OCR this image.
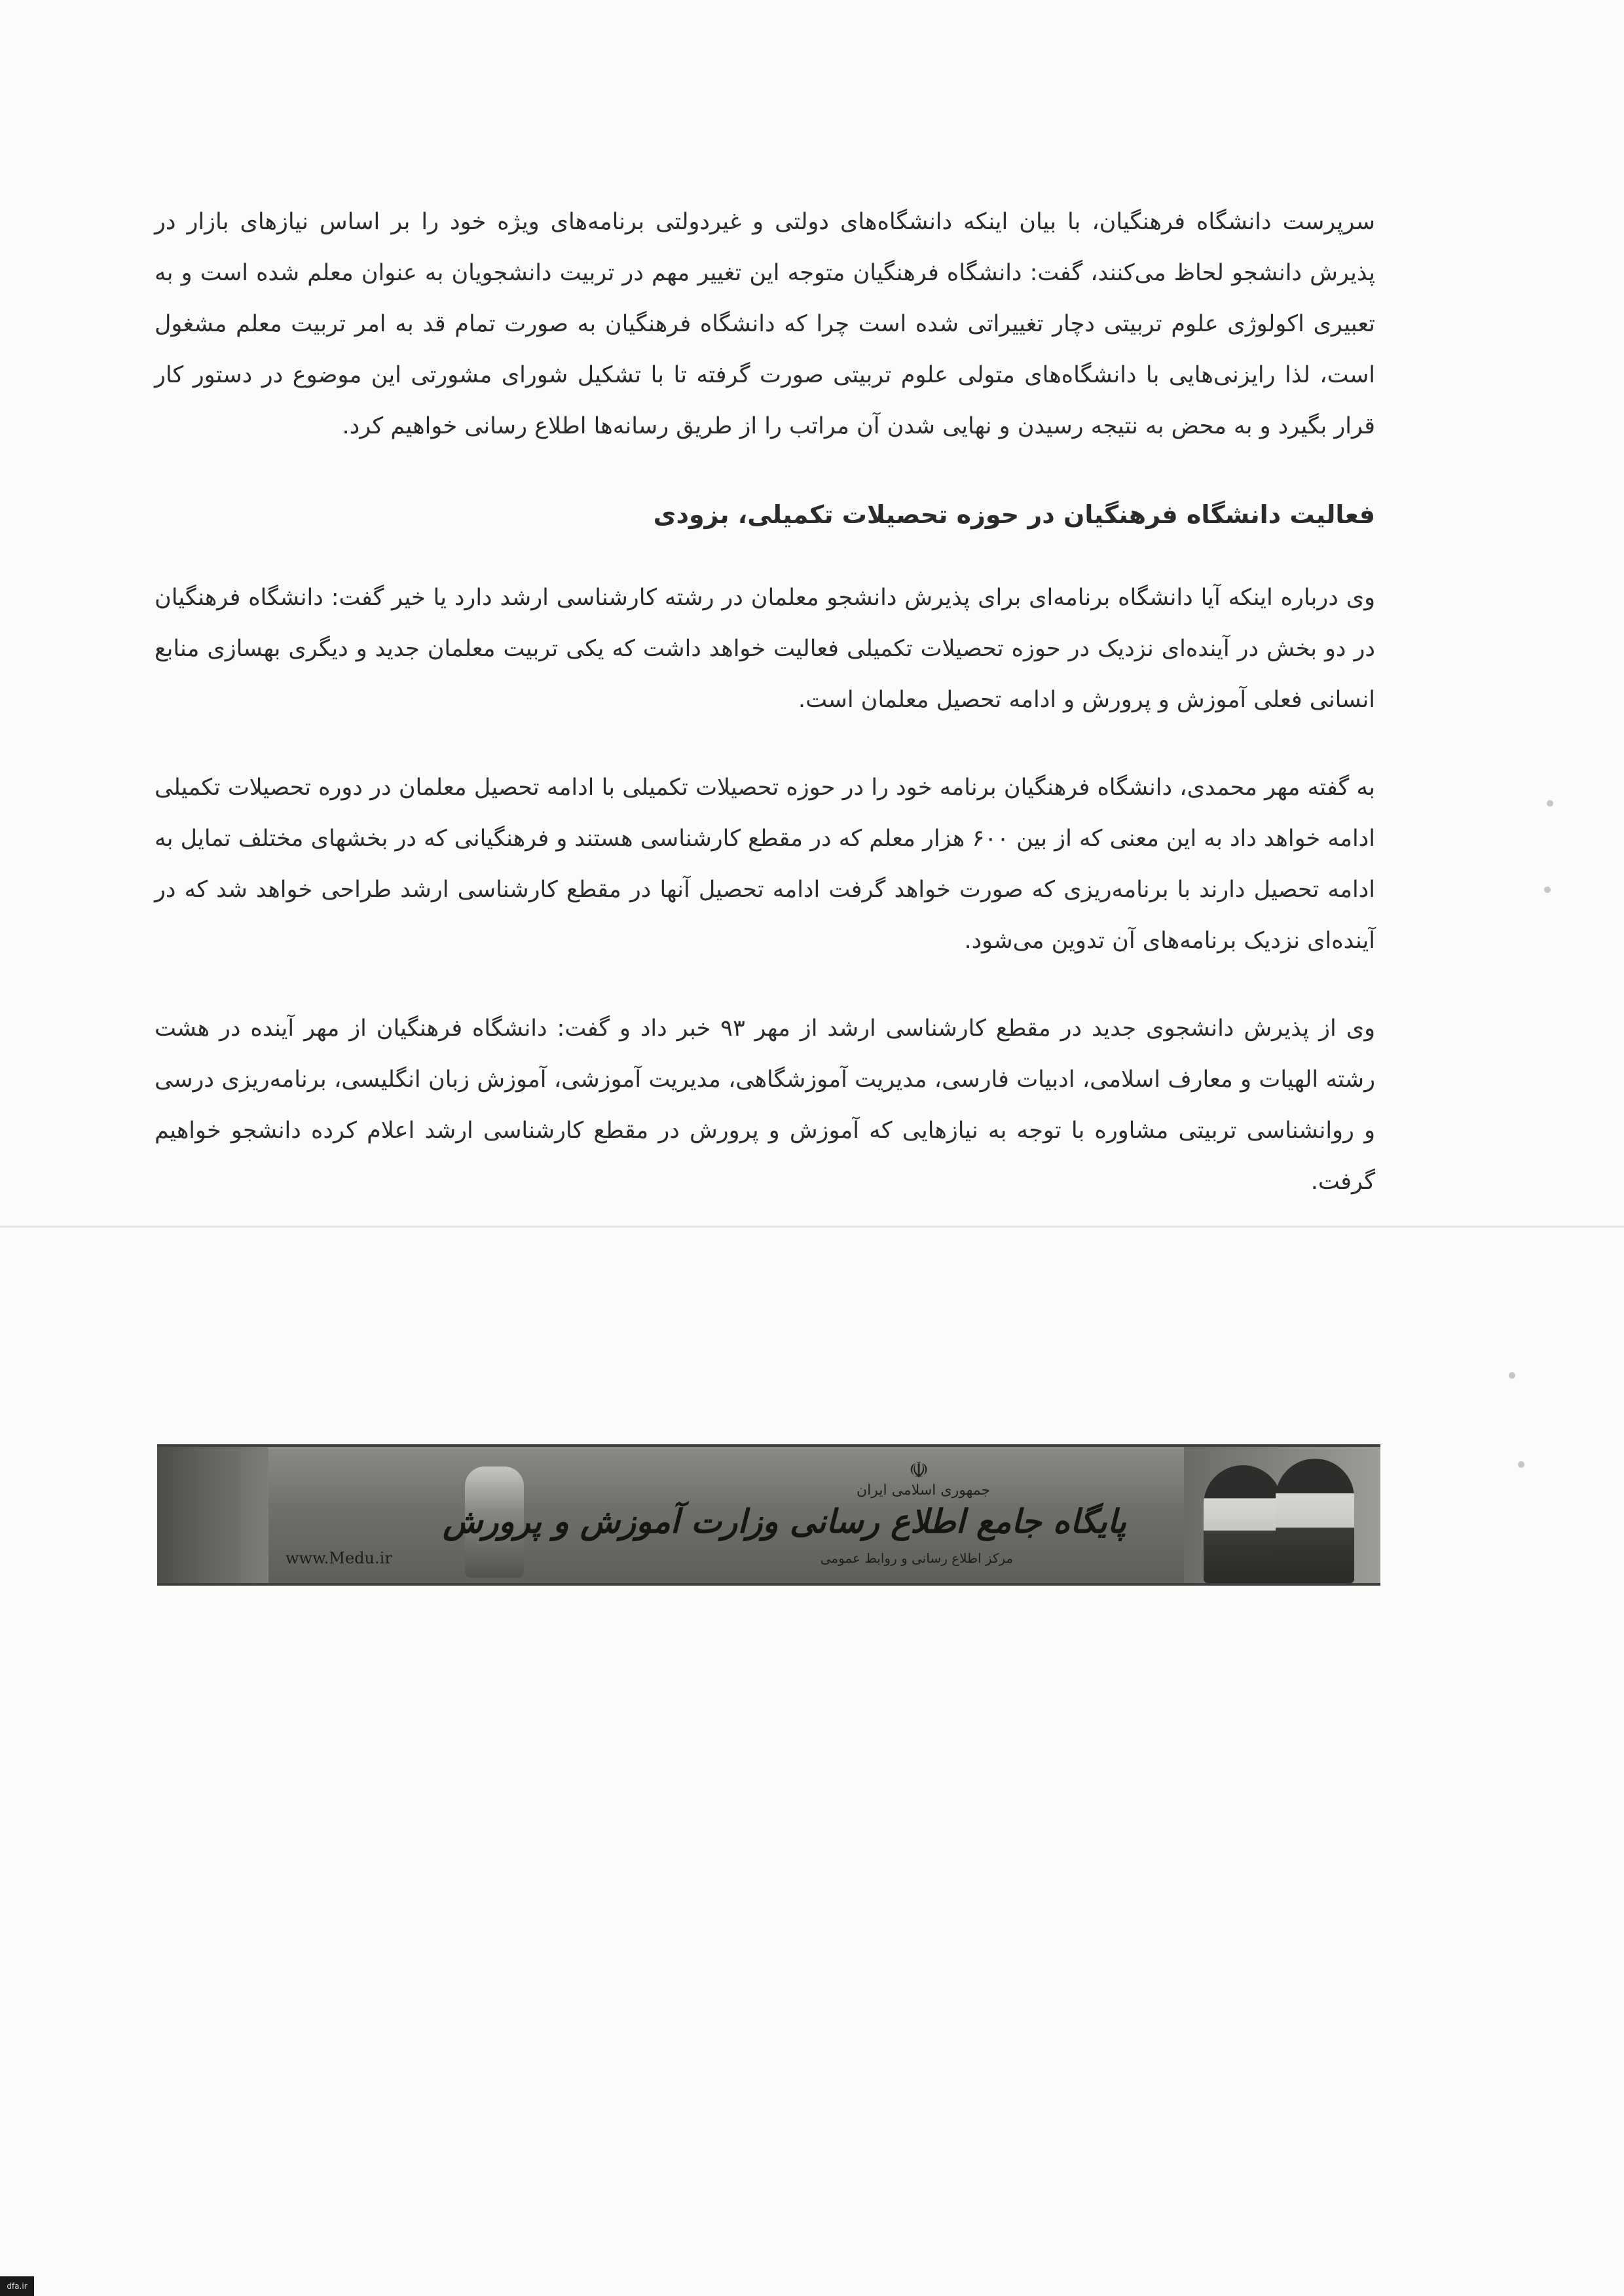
سرپرست دانشگاه فرهنگیان، با بیان اینکه دانشگاه‌های دولتی و غیردولتی برنامه‌های ویژه خود را بر اساس نیازهای بازار در پذیرش دانشجو لحاظ می‌کنند، گفت: دانشگاه فرهنگیان متوجه این تغییر مهم در تربیت دانشجویان به عنوان معلم شده است و به تعبیری اکولوژی علوم تربیتی دچار تغییراتی شده است چرا که دانشگاه فرهنگیان به صورت تمام قد به امر تربیت معلم مشغول است، لذا رایزنی‌هایی با دانشگاه‌های متولی علوم تربیتی صورت گرفته تا با تشکیل شورای مشورتی این موضوع در دستور کار قرار بگیرد و به محض به نتیجه رسیدن و نهایی شدن آن مراتب را از طریق رسانه‌ها اطلاع رسانی خواهیم کرد.

فعالیت دانشگاه فرهنگیان در حوزه تحصیلات تکمیلی، بزودی

وی درباره اینکه آیا دانشگاه برنامه‌ای برای پذیرش دانشجو معلمان در رشته کارشناسی ارشد دارد یا خیر گفت: دانشگاه فرهنگیان در دو بخش در آینده‌ای نزدیک در حوزه تحصیلات تکمیلی فعالیت خواهد داشت که یکی تربیت معلمان جدید و دیگری بهسازی منابع انسانی فعلی آموزش و پرورش و ادامه تحصیل معلمان است.

به گفته مهر محمدی، دانشگاه فرهنگیان برنامه خود را در حوزه تحصیلات تکمیلی با ادامه تحصیل معلمان در دوره تحصیلات تکمیلی ادامه خواهد داد به این معنی که از بین ۶۰۰ هزار معلم که در مقطع کارشناسی هستند و فرهنگیانی که در بخشهای مختلف تمایل به ادامه تحصیل دارند با برنامه‌ریزی که صورت خواهد گرفت ادامه تحصیل آنها در مقطع کارشناسی ارشد طراحی خواهد شد که در آینده‌ای نزدیک برنامه‌های آن تدوین می‌شود.

وی از پذیرش دانشجوی جدید در مقطع کارشناسی ارشد از مهر ۹۳ خبر داد و گفت: دانشگاه فرهنگیان از مهر آینده در هشت رشته الهیات و معارف اسلامی، ادبیات فارسی، مدیریت آموزشگاهی، مدیریت آموزشی، آموزش زبان انگلیسی، برنامه‌ریزی درسی و روانشناسی تربیتی مشاوره با توجه به نیازهایی که آموزش و پرورش در مقطع کارشناسی ارشد اعلام کرده دانشجو خواهیم گرفت.

☫
جمهوری اسلامی ایران
پایگاه جامع اطلاع رسانی وزارت آموزش و پرورش
مرکز اطلاع رسانی و روابط عمومی
www.Medu.ir
dfa.ir
